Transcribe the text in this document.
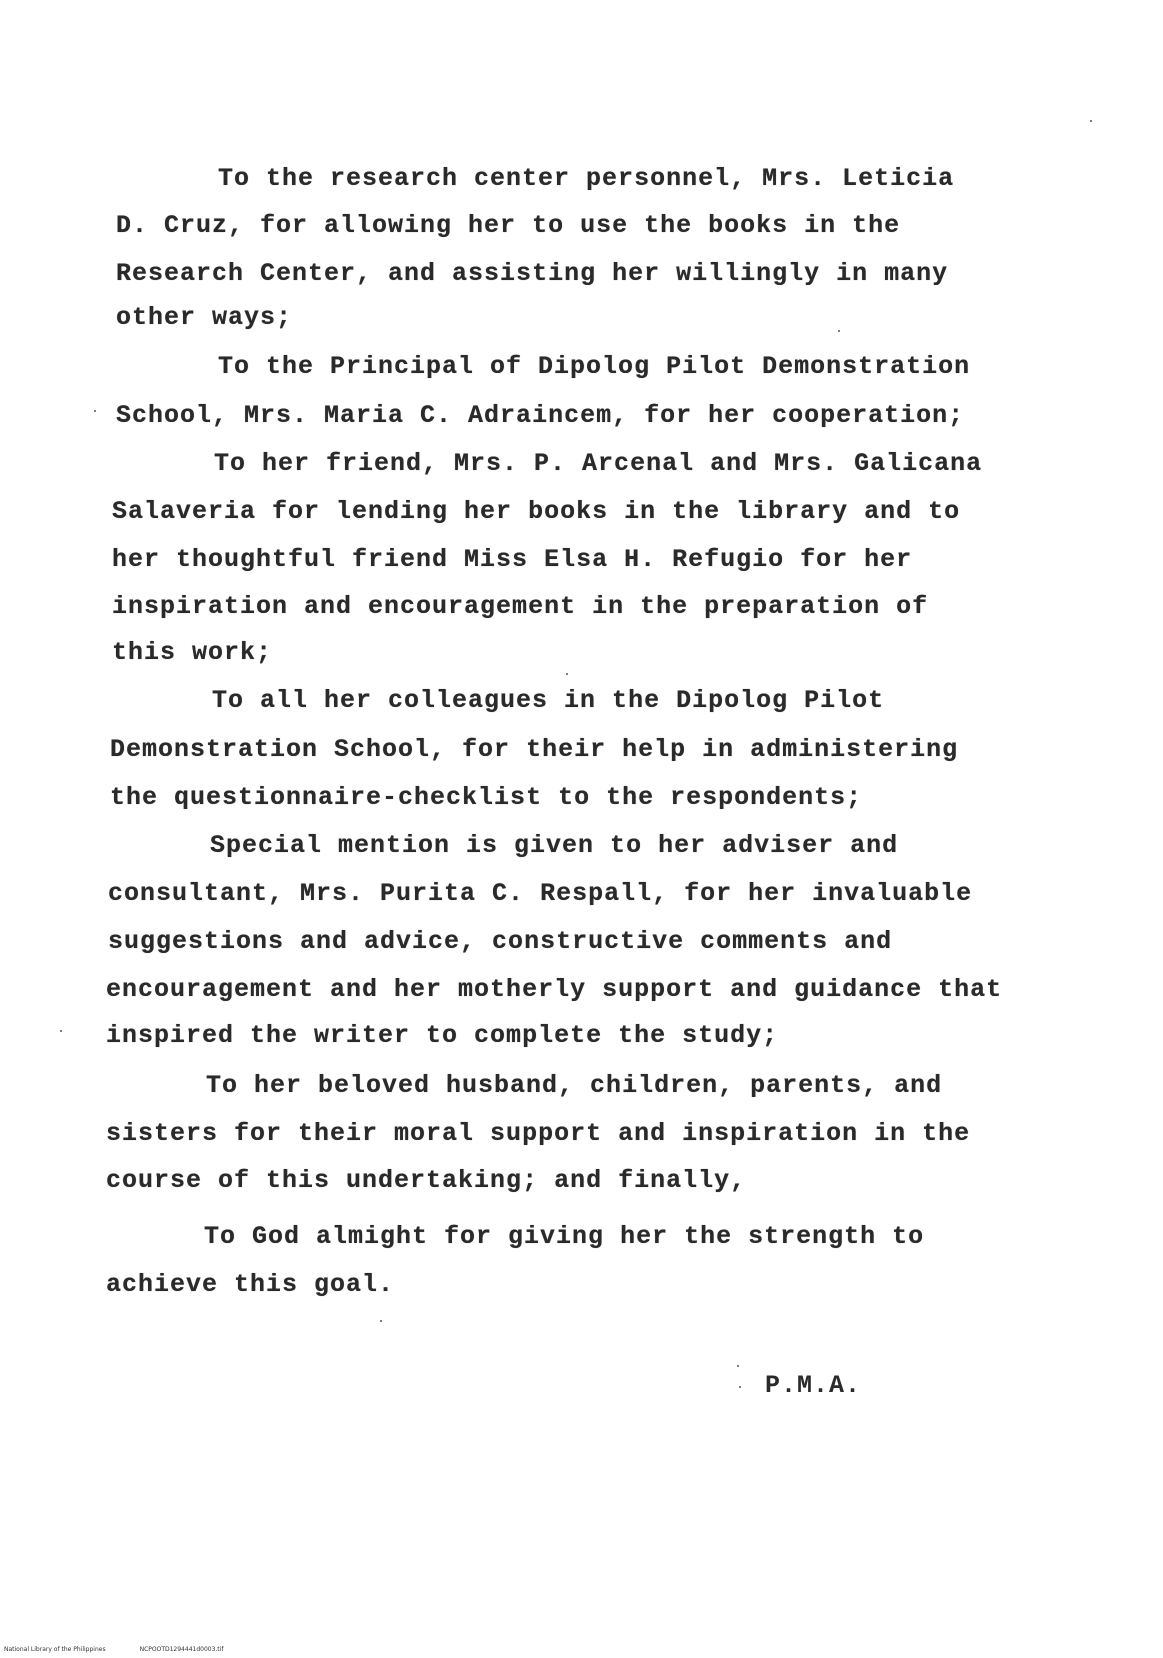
To the research center personnel, Mrs. Leticia
D. Cruz, for allowing her to use the books in the
Research Center, and assisting her willingly in many
other ways;
To the Principal of Dipolog Pilot Demonstration
School, Mrs. Maria C. Adraincem, for her cooperation;
To her friend, Mrs. P. Arcenal and Mrs. Galicana
Salaveria for lending her books in the library and to
her thoughtful friend Miss Elsa H. Refugio for her
inspiration and encouragement in the preparation of
this work;
To all her colleagues in the Dipolog Pilot
Demonstration School, for their help in administering
the questionnaire-checklist to the respondents;
Special mention is given to her adviser and
consultant, Mrs. Purita C. Respall, for her invaluable
suggestions and advice, constructive comments and
encouragement and her motherly support and guidance that
inspired the writer to complete the study;
To her beloved husband, children, parents, and
sisters for their moral support and inspiration in the
course of this undertaking; and finally,
To God almight for giving her the strength to
achieve this goal.
P.M.A.
National Library of the Philippines	NCPOOTD1294441d0003.tif
